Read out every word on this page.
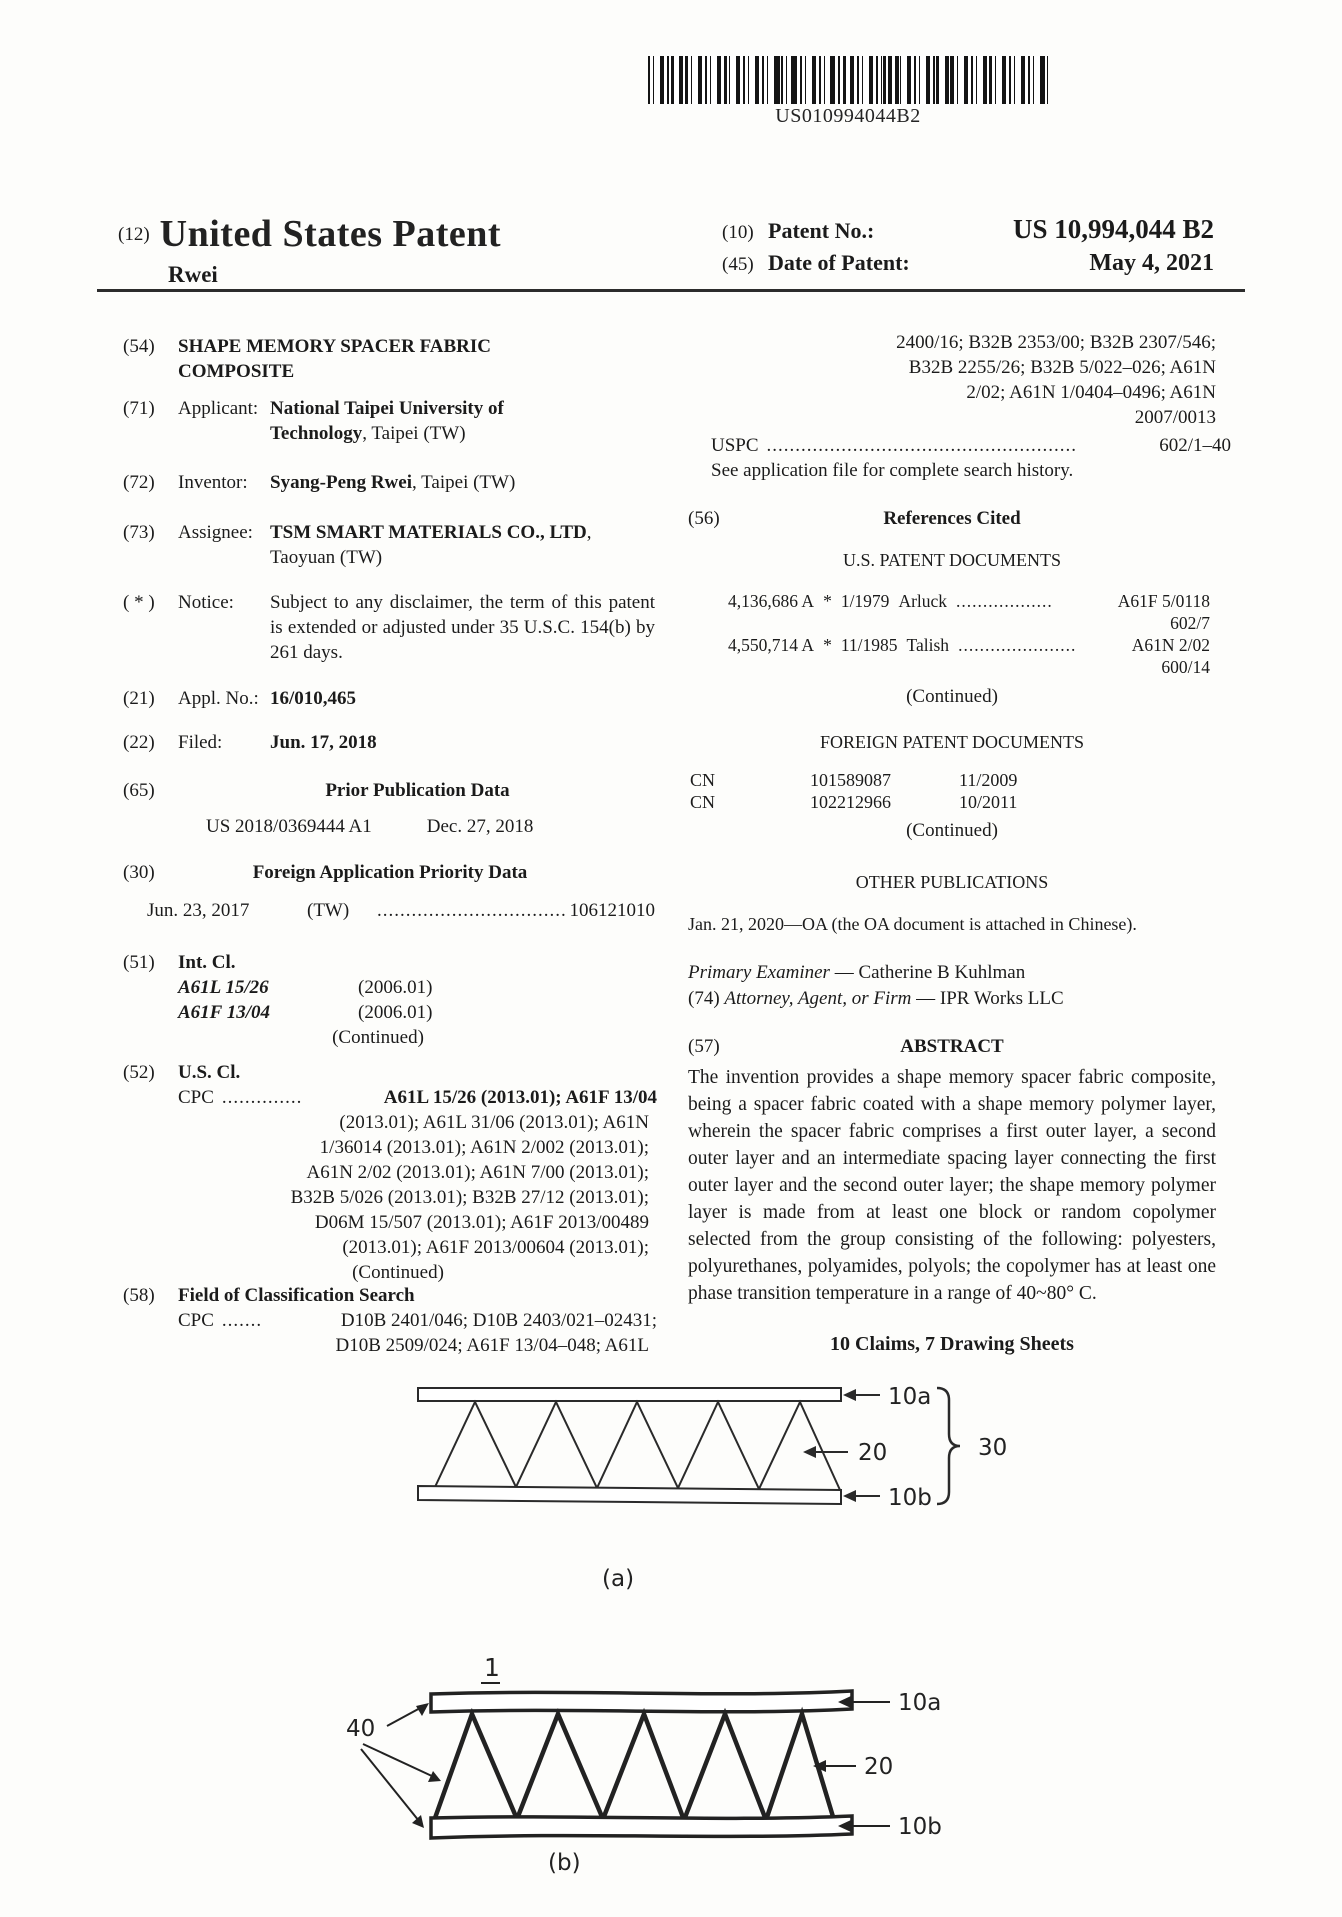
US010994044B2
(12) United States Patent
Rwei
(10) Patent No.:	US 10,994,044 B2
(45) Date of Patent:	May 4, 2021
(54)	SHAPE MEMORY SPACER FABRIC COMPOSITE
(71)	Applicant: National Taipei University of Technology, Taipei (TW)
(72)	Inventor:	Syang-Peng Rwei, Taipei (TW)
(73)	Assignee: TSM SMART MATERIALS CO., LTD, Taoyuan (TW)
( * )	Notice:	Subject to any disclaimer, the term of this patent is extended or adjusted under 35 U.S.C. 154(b) by 261 days.
(21)	Appl. No.: 16/010,465
(22)	Filed:	Jun. 17, 2018
(65)	Prior Publication Data
US 2018/0369444 A1	Dec. 27, 2018
(30)	Foreign Application Priority Data
Jun. 23, 2017	(TW)	................................. 106121010
(51)	Int. Cl.
A61L 15/26	(2006.01)
A61F 13/04	(2006.01)
(Continued)
(52)	U.S. Cl.
CPC ..............	A61L 15/26 (2013.01); A61F 13/04
(2013.01); A61L 31/06 (2013.01); A61N
1/36014 (2013.01); A61N 2/002 (2013.01);
A61N 2/02 (2013.01); A61N 7/00 (2013.01);
B32B 5/026 (2013.01); B32B 27/12 (2013.01);
D06M 15/507 (2013.01); A61F 2013/00489
(2013.01); A61F 2013/00604 (2013.01);
(Continued)
(58)	Field of Classification Search
CPC .......	D10B 2401/046; D10B 2403/021–02431;
D10B 2509/024; A61F 13/04–048; A61L
2400/16; B32B 2353/00; B32B 2307/546;
B32B 2255/26; B32B 5/022–026; A61N
2/02; A61N 1/0404–0496; A61N
2007/0013
USPC ......................................................	602/1–40
See application file for complete search history.
(56)	References Cited
U.S. PATENT DOCUMENTS
4,136,686 A * 1/1979 Arluck ..................	A61F 5/0118
602/7
4,550,714 A * 11/1985 Talish ......................	A61N 2/02
600/14
(Continued)
FOREIGN PATENT DOCUMENTS
CN	101589087	11/2009
CN	102212966	10/2011
(Continued)
OTHER PUBLICATIONS
Jan. 21, 2020—OA (the OA document is attached in Chinese).
Primary Examiner — Catherine B Kuhlman
(74) Attorney, Agent, or Firm — IPR Works LLC
(57)	ABSTRACT
The invention provides a shape memory spacer fabric composite, being a spacer fabric coated with a shape memory polymer layer, wherein the spacer fabric comprises a first outer layer, a second outer layer and an intermediate spacing layer connecting the first outer layer and the second outer layer; the shape memory polymer layer is made from at least one block or random copolymer selected from the group consisting of the following: polyesters, polyurethanes, polyamides, polyols; the copolymer has at least one phase transition temperature in a range of 40~80° C.
10 Claims, 7 Drawing Sheets
10a
20
10b
30
(a)
1
40
10a
20
10b
(b)
